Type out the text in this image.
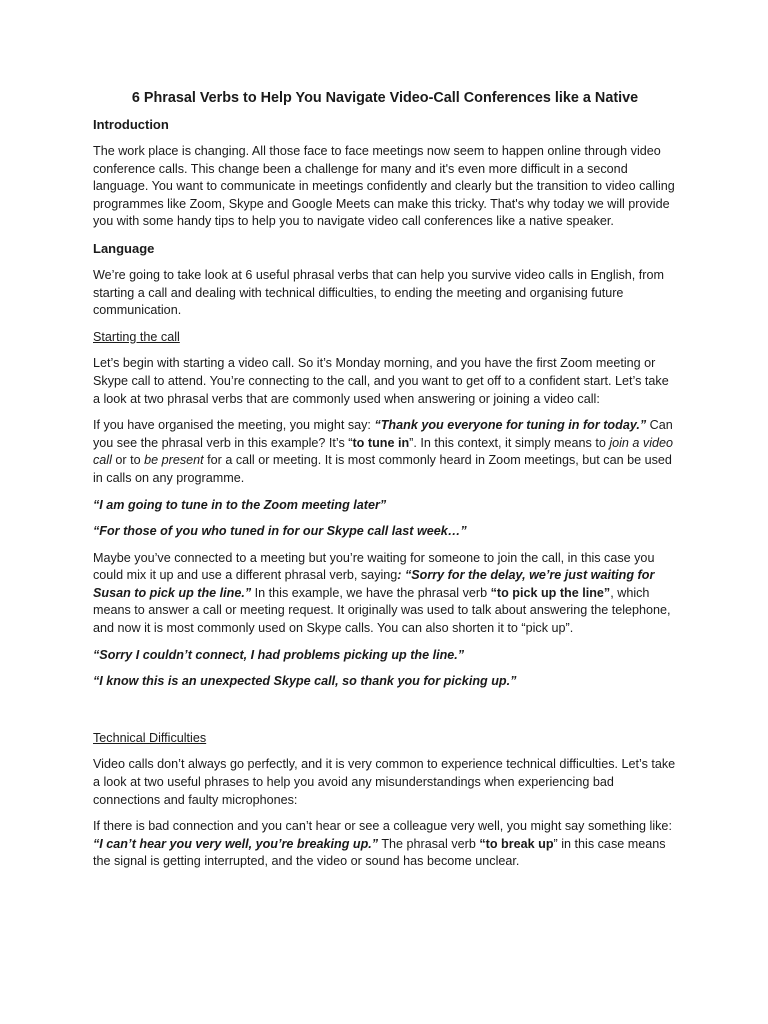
6 Phrasal Verbs to Help You Navigate Video-Call Conferences like a Native
Introduction

The work place is changing. All those face to face meetings now seem to happen online through video conference calls. This change been a challenge for many and it's even more difficult in a second language. You want to communicate in meetings confidently and clearly but the transition to video calling programmes like Zoom, Skype and Google Meets can make this tricky. That's why today we will provide you with some handy tips to help you to navigate video call conferences like a native speaker.

Language

We’re going to take look at 6 useful phrasal verbs that can help you survive video calls in English, from starting a call and dealing with technical difficulties, to ending the meeting and organising future communication.

Starting the call

Let’s begin with starting a video call. So it’s Monday morning, and you have the first Zoom meeting or Skype call to attend. You’re connecting to the call, and you want to get off to a confident start. Let’s take a look at two phrasal verbs that are commonly used when answering or joining a video call:

If you have organised the meeting, you might say: “Thank you everyone for tuning in for today.” Can you see the phrasal verb in this example? It’s “to tune in”. In this context, it simply means to join a video call or to be present for a call or meeting. It is most commonly heard in Zoom meetings, but can be used in calls on any programme.

“I am going to tune in to the Zoom meeting later”

“For those of you who tuned in for our Skype call last week…”

Maybe you’ve connected to a meeting but you’re waiting for someone to join the call, in this case you could mix it up and use a different phrasal verb, saying: “Sorry for the delay, we’re just waiting for Susan to pick up the line.” In this example, we have the phrasal verb “to pick up the line”, which means to answer a call or meeting request. It originally was used to talk about answering the telephone, and now it is most commonly used on Skype calls. You can also shorten it to “pick up”.

“Sorry I couldn’t connect, I had problems picking up the line.”

“I know this is an unexpected Skype call, so thank you for picking up.”

Technical Difficulties

Video calls don’t always go perfectly, and it is very common to experience technical difficulties. Let’s take a look at two useful phrases to help you avoid any misunderstandings when experiencing bad connections and faulty microphones:

If there is bad connection and you can’t hear or see a colleague very well, you might say something like: “I can’t hear you very well, you’re breaking up.” The phrasal verb “to break up” in this case means the signal is getting interrupted, and the video or sound has become unclear.
